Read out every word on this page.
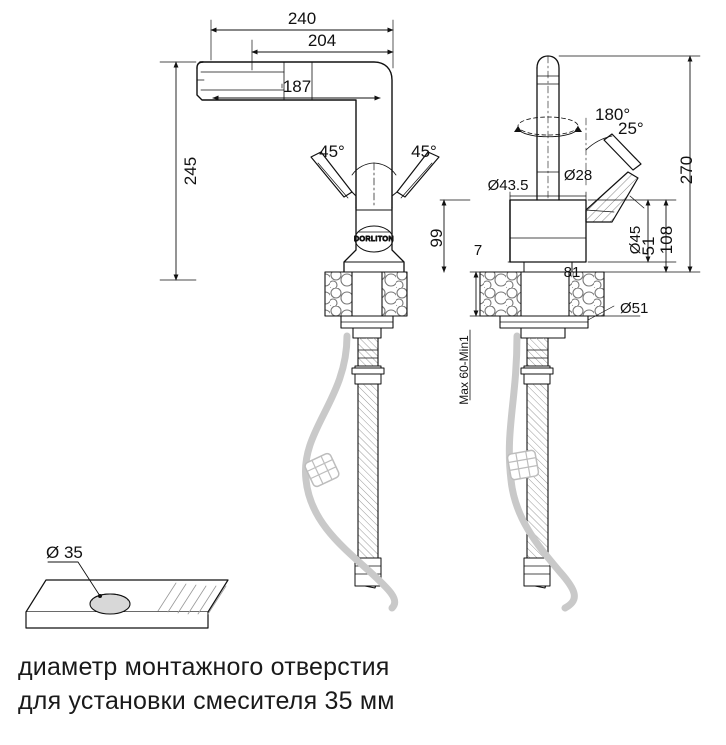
DORLITON
240
204
187
245
45°	45°
99
180°
25°
270
108
51
7
81
Ø43.5
Ø28
Ø45
Ø51
Max 60-Min1
Ø 35
диаметр монтажного отверстия
для установки смесителя 35 мм
